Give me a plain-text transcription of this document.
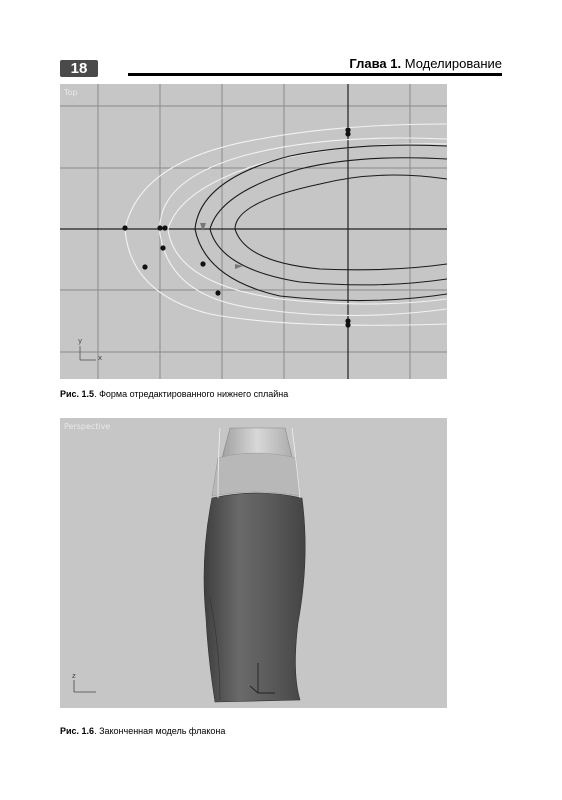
18	Глава 1. Моделирование
Top
y
x
Рис. 1.5. Форма отредактированного нижнего сплайна
Perspective
z
Рис. 1.6. Законченная модель флакона
